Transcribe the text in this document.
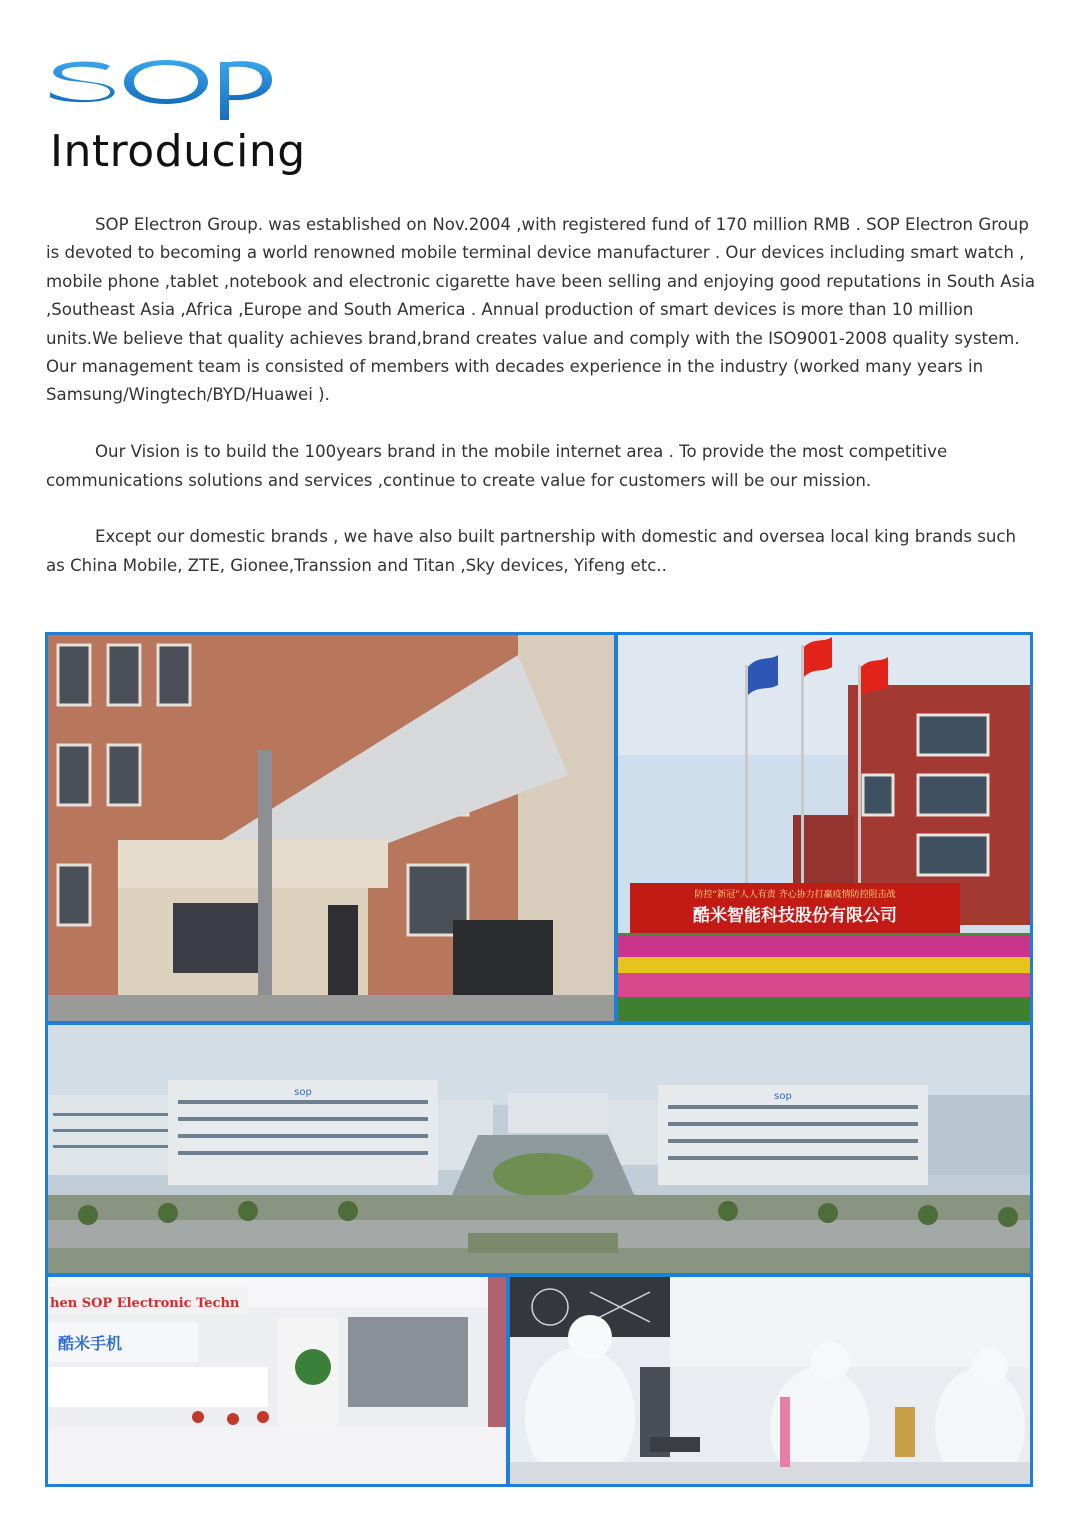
Introducing

SOP Electron Group. was established on Nov.2004 ,with registered fund of 170 million RMB . SOP Electron Group is devoted to becoming a world renowned mobile terminal device manufacturer . Our devices including smart watch , mobile phone ,tablet ,notebook and electronic cigarette have been selling and enjoying good reputations in South Asia ,Southeast Asia ,Africa ,Europe and South America . Annual production of smart devices is more than 10 million units.We believe that quality achieves brand,brand creates value and comply with the ISO9001-2008 quality system. Our management team is consisted of members with decades experience in the industry (worked many years in Samsung/Wingtech/BYD/Huawei ).

Our Vision is to build the 100years brand in the mobile internet area . To provide the most competitive communications solutions and services ,continue to create value for customers will be our mission.

Except our domestic brands , we have also built partnership with domestic and oversea local king brands such as China Mobile, ZTE, Gionee,Transsion and Titan ,Sky devices, Yifeng etc..

防控“新冠”人人有责 齐心协力打赢疫情防控阻击战
酷米智能科技股份有限公司
sop	sop
hen SOP Electronic Techn
酷米手机
